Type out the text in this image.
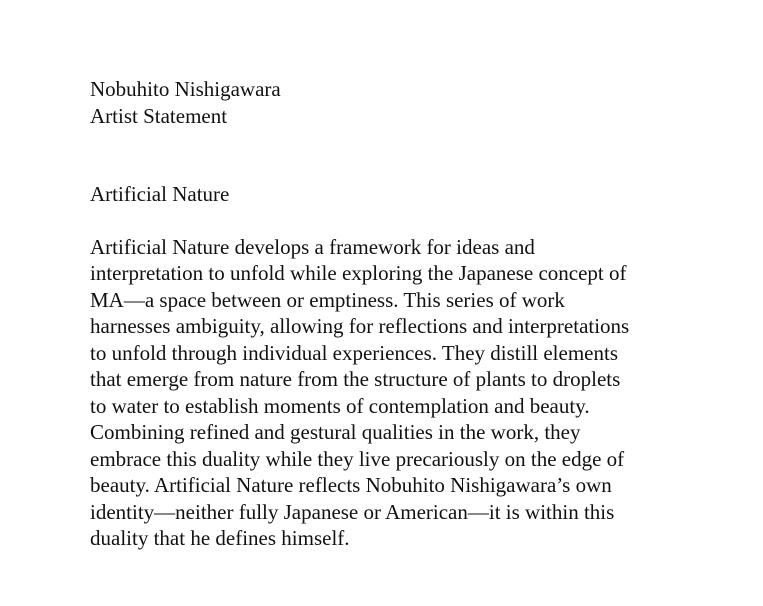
Nobuhito Nishigawara
Artist Statement
Artificial Nature
Artificial Nature develops a framework for ideas and
interpretation to unfold while exploring the Japanese concept of
MA—a space between or emptiness. This series of work
harnesses ambiguity, allowing for reflections and interpretations
to unfold through individual experiences. They distill elements
that emerge from nature from the structure of plants to droplets
to water to establish moments of contemplation and beauty.
Combining refined and gestural qualities in the work, they
embrace this duality while they live precariously on the edge of
beauty. Artificial Nature reflects Nobuhito Nishigawara’s own
identity—neither fully Japanese or American—it is within this
duality that he defines himself.
